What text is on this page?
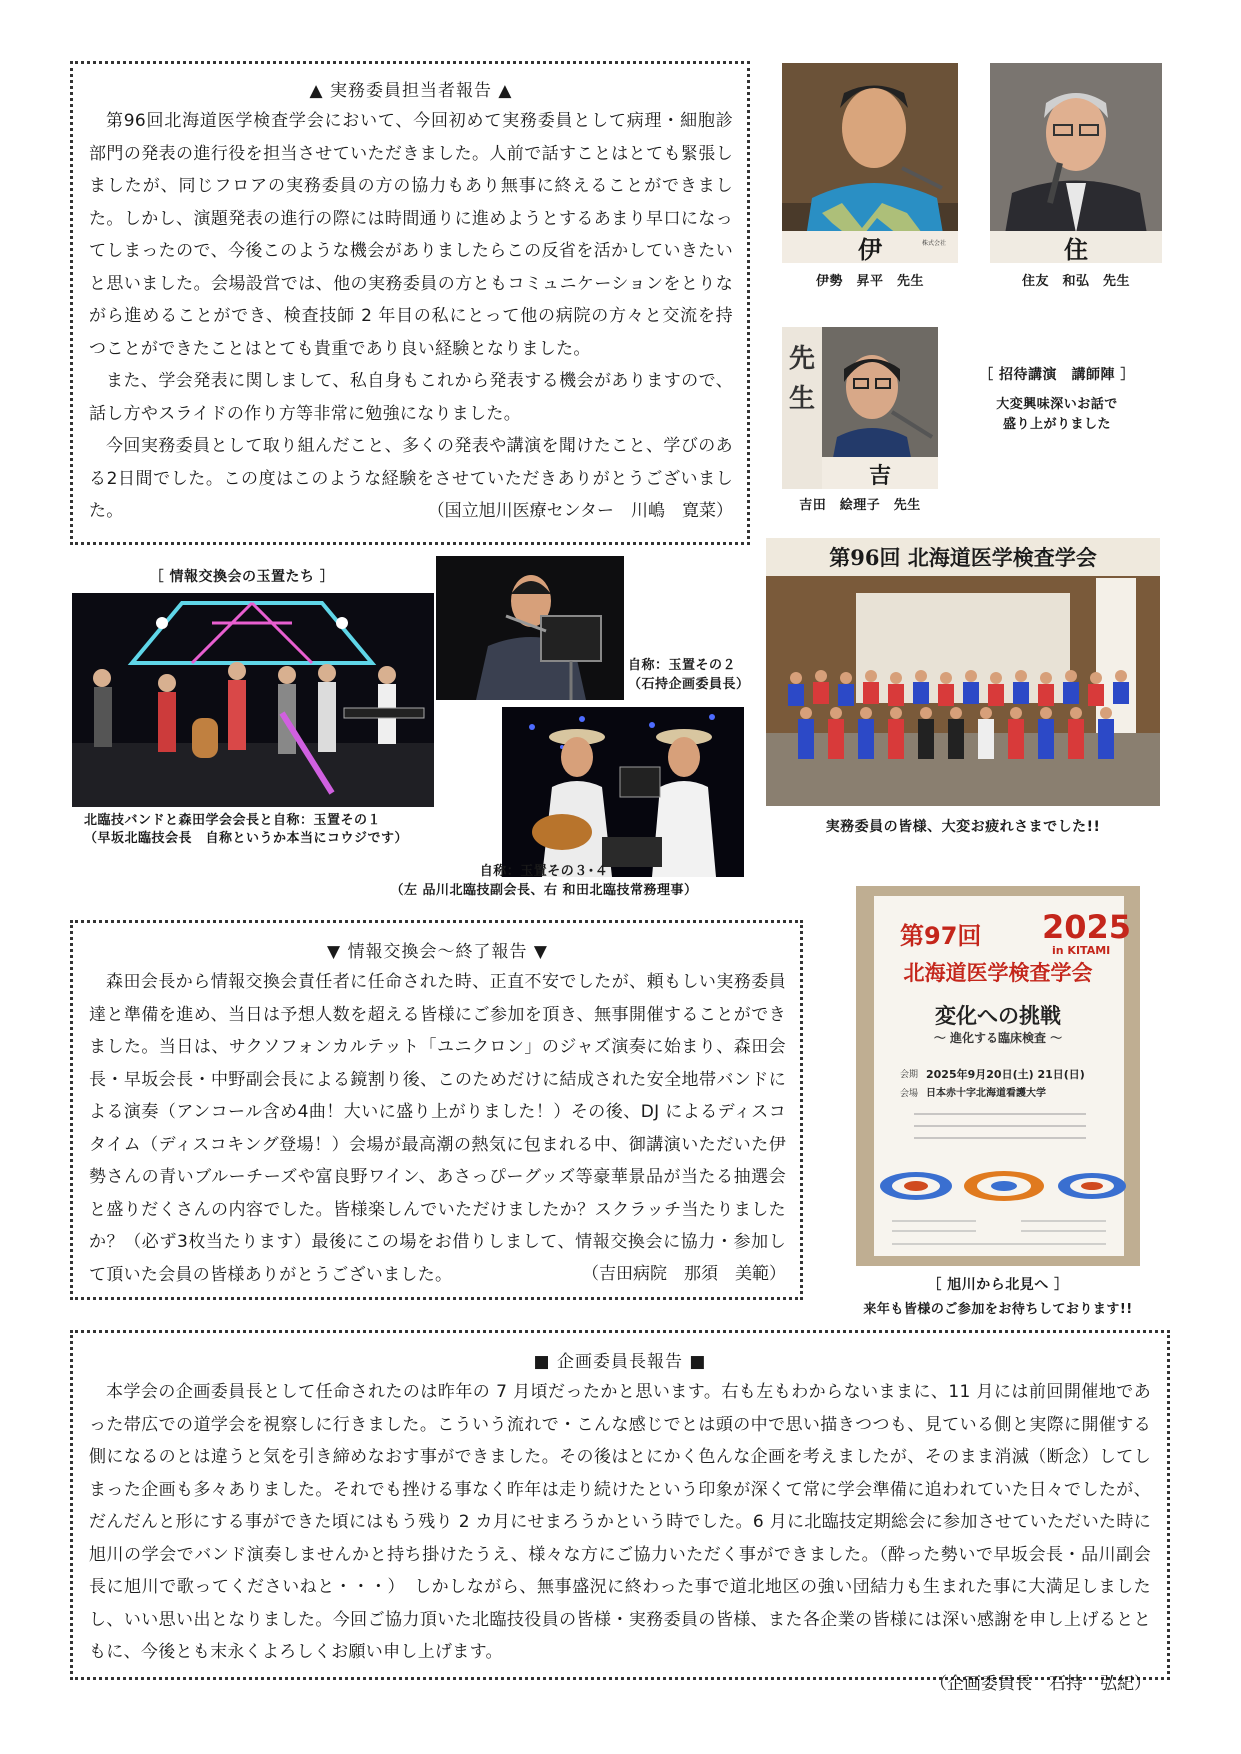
▲ 実務委員担当者報告 ▲

第96回北海道医学検査学会において、今回初めて実務委員として病理・細胞診部門の発表の進行役を担当させていただきました。人前で話すことはとても緊張しましたが、同じフロアの実務委員の方の協力もあり無事に終えることができました。しかし、演題発表の進行の際には時間通りに進めようとするあまり早口になってしまったので、今後このような機会がありましたらこの反省を活かしていきたいと思いました。会場設営では、他の実務委員の方ともコミュニケーションをとりながら進めることができ、検査技師 2 年目の私にとって他の病院の方々と交流を持つことができたことはとても貴重であり良い経験となりました。

また、学会発表に関しまして、私自身もこれから発表する機会がありますので、話し方やスライドの作り方等非常に勉強になりました。

今回実務委員として取り組んだこと、多くの発表や講演を聞けたこと、学びのある2日間でした。この度はこのような経験をさせていただきありがとうございました。	（国立旭川医療センター　川嶋　寛菜）

伊	株式会社
伊勢　昇平　先生
住
住友　和弘　先生
先
生
吉
吉田　絵理子　先生
［ 招待講演　講師陣 ］
大変興味深いお話で
盛り上がりました
［ 情報交換会の玉置たち ］
北臨技バンドと森田学会会長と自称：玉置その１
（早坂北臨技会長　自称というか本当にコウジです）
自称：玉置その２
（石持企画委員長）
自称：玉置その３･４
（左 品川北臨技副会長、右 和田北臨技常務理事）
第96回 北海道医学検査学会
実務委員の皆様、大変お疲れさまでした!!
▼ 情報交換会～終了報告 ▼

森田会長から情報交換会責任者に任命された時、正直不安でしたが、頼もしい実務委員達と準備を進め、当日は予想人数を超える皆様にご参加を頂き、無事開催することができました。当日は、サクソフォンカルテット「ユニクロン」のジャズ演奏に始まり、森田会長・早坂会長・中野副会長による鏡割り後、このためだけに結成された安全地帯バンドによる演奏（アンコール含め4曲！大いに盛り上がりました！）その後、DJ によるディスコタイム（ディスコキング登場！）会場が最高潮の熱気に包まれる中、御講演いただいた伊勢さんの青いブルーチーズや富良野ワイン、あさっぴーグッズ等豪華景品が当たる抽選会と盛りだくさんの内容でした。皆様楽しんでいただけましたか？スクラッチ当たりましたか？（必ず3枚当たります）最後にこの場をお借りしまして、情報交換会に協力・参加して頂いた会員の皆様ありがとうございました。	（吉田病院　那須　美範）

第97回 2025
in KITAMI
北海道医学検査学会
変化への挑戦
～ 進化する臨床検査 ～
会期 2025年9月20日(土) 21日(日)
会場 日本赤十字北海道看護大学
［ 旭川から北見へ ］
来年も皆様のご参加をお待ちしております!!
■ 企画委員長報告 ■

本学会の企画委員長として任命されたのは昨年の 7 月頃だったかと思います。右も左もわからないままに、11 月には前回開催地であった帯広での道学会を視察しに行きました。こういう流れで・こんな感じでとは頭の中で思い描きつつも、見ている側と実際に開催する側になるのとは違うと気を引き締めなおす事ができました。その後はとにかく色んな企画を考えましたが、そのまま消滅（断念）してしまった企画も多々ありました。それでも挫ける事なく昨年は走り続けたという印象が深くて常に学会準備に追われていた日々でしたが、だんだんと形にする事ができた頃にはもう残り 2 カ月にせまろうかという時でした。6 月に北臨技定期総会に参加させていただいた時に旭川の学会でバンド演奏しませんかと持ち掛けたうえ、様々な方にご協力いただく事ができました。（酔った勢いで早坂会長・品川副会長に旭川で歌ってくださいねと・・・）　しかしながら、無事盛況に終わった事で道北地区の強い団結力も生まれた事に大満足しましたし、いい思い出となりました。今回ご協力頂いた北臨技役員の皆様・実務委員の皆様、また各企業の皆様には深い感謝を申し上げるとともに、今後とも末永くよろしくお願い申し上げます。

（企画委員長　石持　弘紀）
